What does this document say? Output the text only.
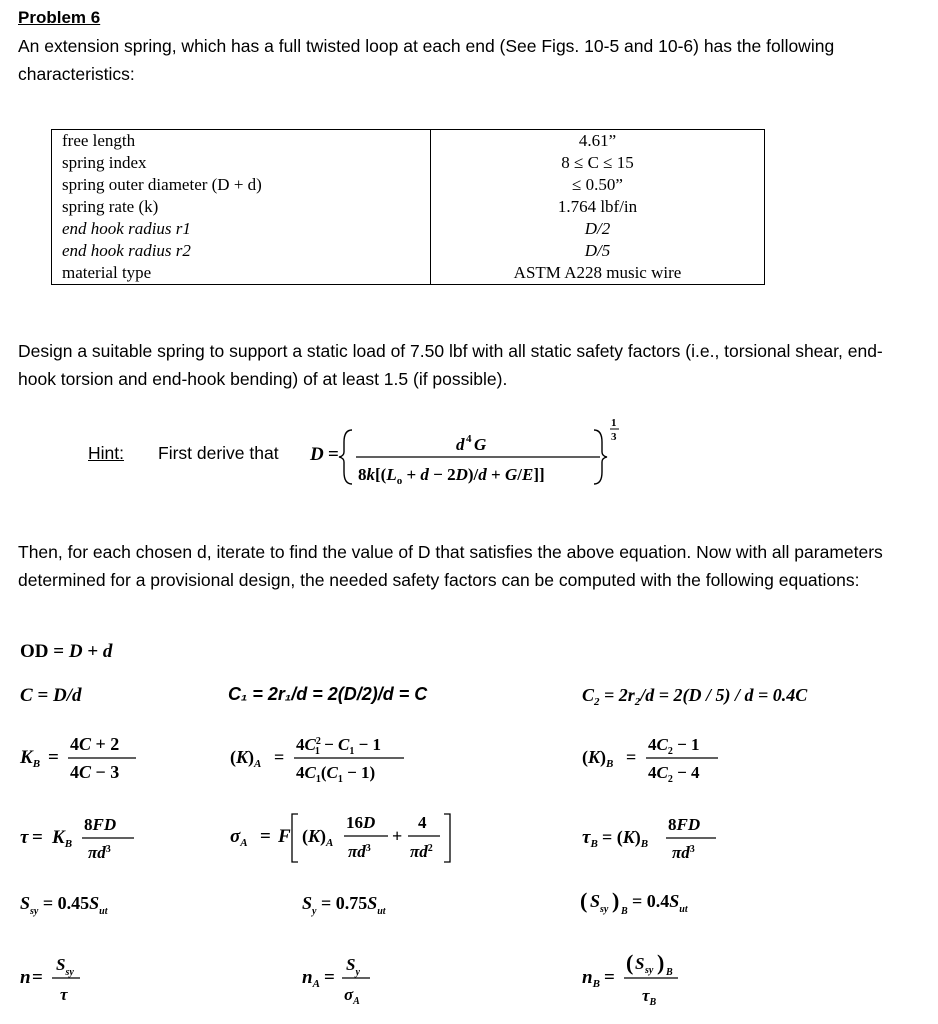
Problem 6
An extension spring, which has a full twisted loop at each end (See Figs. 10-5 and 10-6) has the following characteristics:
free length	4.61”
spring index	8 ≤ C ≤ 15
spring outer diameter (D + d)	≤ 0.50”
spring rate (k)	1.764 lbf/in
end hook radius r1	D/2
end hook radius r2	D/5
material type	ASTM A228 music wire
Design a suitable spring to support a static load of 7.50 lbf with all static safety factors (i.e., torsional shear, end-hook torsion and end-hook bending) of at least 1.5 (if possible).
Hint: First derive that D =	d 4 G
$8k[(L_o + d - 2D)/d + G/E]$]
1
3
Then, for each chosen d, iterate to find the value of D that satisfies the above equation. Now with all parameters determined for a provisional design, the needed safety factors can be computed with the following equations:
OD = D + d
C = D/d	C₁ = 2r₁/d = 2(D/2)/d = C	$C_2 = 2r_2/d = 2(D / 5) / d = 0.4C$
$K_B$ =
4C + 2
4C − 3
$(K)_A$ =
$4C^2$ $1 - C_1 - 1$
$4C_1(C_1 - 1)$
$(K)_B$ =
$4C_2 - 1$
$4C_2 - 4$
$\tau = K_B$
8FD
$\pi d^3$
$\sigma_A = F$ $(K)_A$
16D
$\pi d^3$
+
4
$\pi d^2$
$\tau_B = (K)_B$
8FD
$\pi d^3$
$S_{sy} = 0.45S_{ut}$	$S_y = 0.75S_{ut}$	( S sy ) B
= $0.4S_{ut}$
n =
$S_{sy}$
τ
$n_A$ =
$S_y$
$\sigma_A$
$n_B$ =
( S sy ) B
$\tau_B$
